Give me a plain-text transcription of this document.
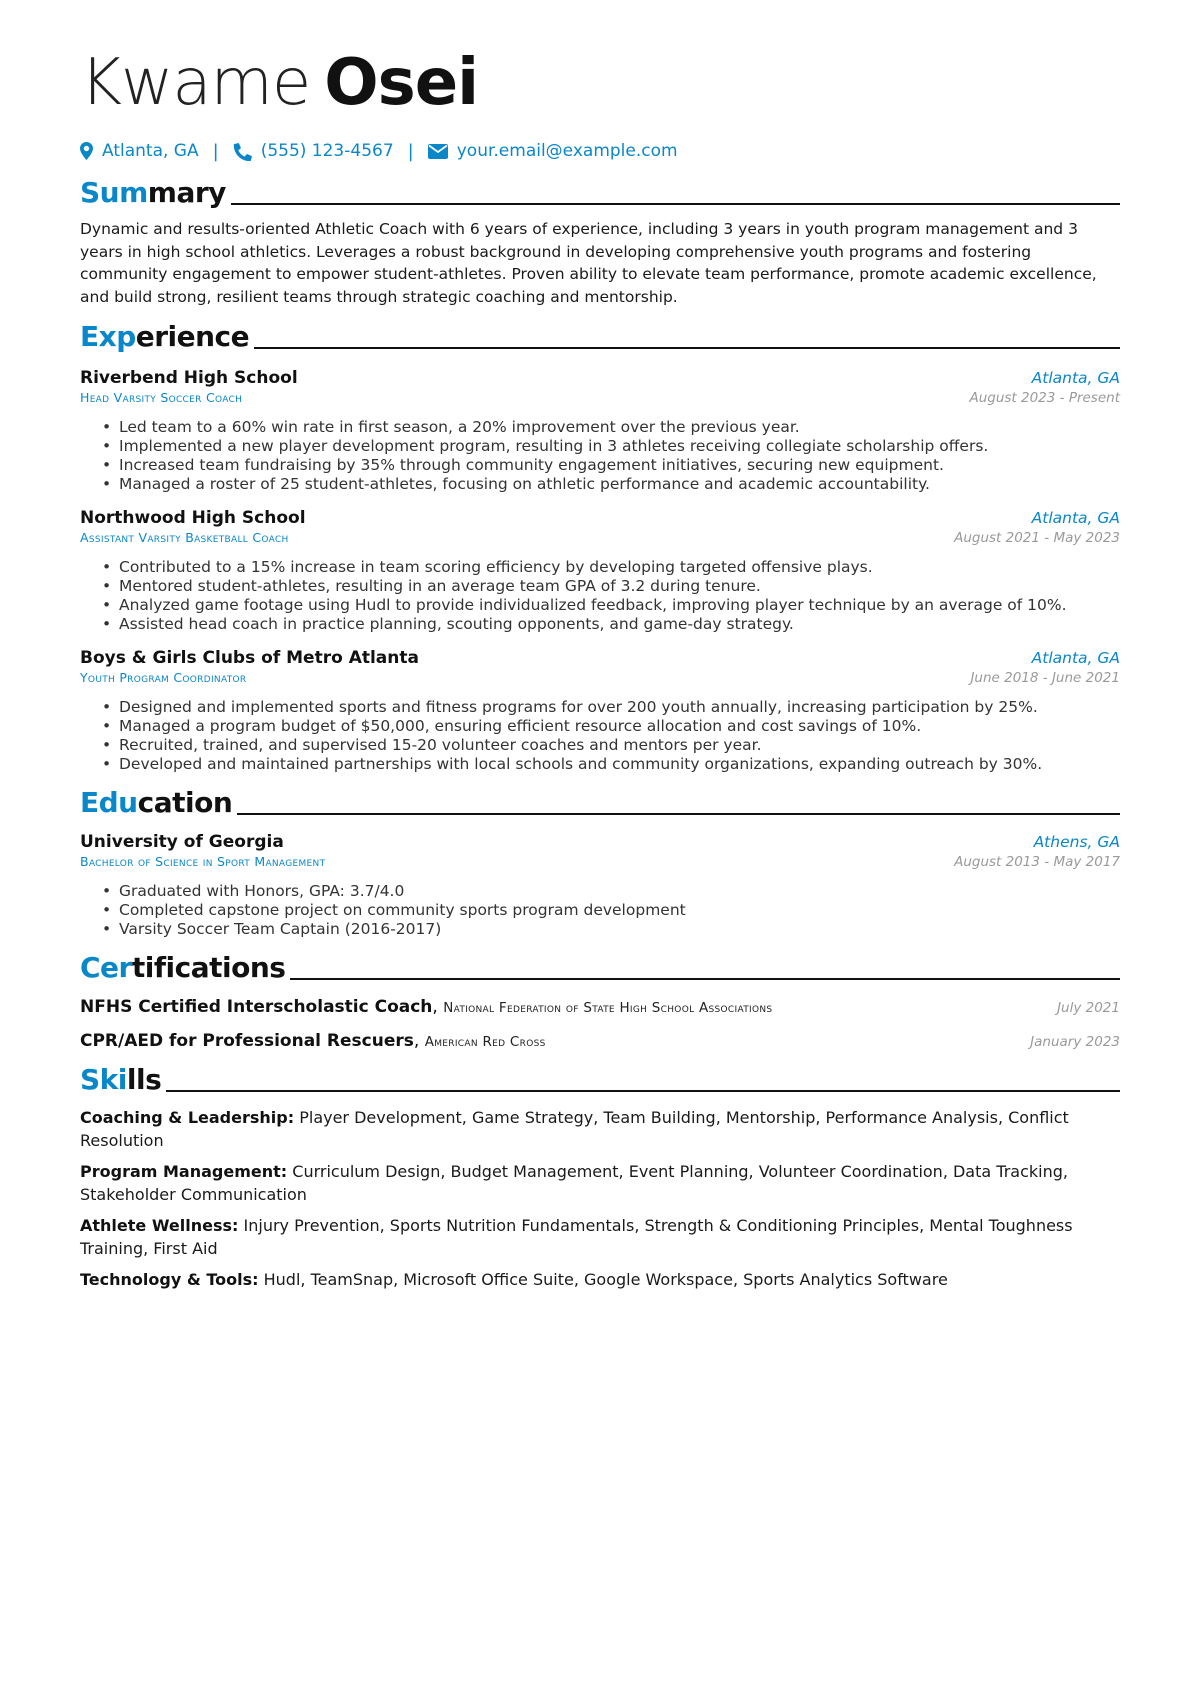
Kwame Osei
Atlanta, GA | (555) 123-4567 |	your.email@example.com
Summary

Dynamic and results-oriented Athletic Coach with 6 years of experience, including 3 years in youth program management and 3 years in high school athletics. Leverages a robust background in developing comprehensive youth programs and fostering community engagement to empower student-athletes. Proven ability to elevate team performance, promote academic excellence, and build strong, resilient teams through strategic coaching and mentorship.

Experience
Riverbend High School	Atlanta, GA
Head Varsity Soccer Coach	August 2023 - Present
• Led team to a 60% win rate in first season, a 20% improvement over the previous year.
• Implemented a new player development program, resulting in 3 athletes receiving collegiate scholarship offers.
• Increased team fundraising by 35% through community engagement initiatives, securing new equipment.
• Managed a roster of 25 student-athletes, focusing on athletic performance and academic accountability.
Northwood High School	Atlanta, GA
Assistant Varsity Basketball Coach	August 2021 - May 2023
• Contributed to a 15% increase in team scoring efficiency by developing targeted offensive plays.
• Mentored student-athletes, resulting in an average team GPA of 3.2 during tenure.
• Analyzed game footage using Hudl to provide individualized feedback, improving player technique by an average of 10%.
• Assisted head coach in practice planning, scouting opponents, and game-day strategy.
Boys & Girls Clubs of Metro Atlanta	Atlanta, GA
Youth Program Coordinator	June 2018 - June 2021
• Designed and implemented sports and fitness programs for over 200 youth annually, increasing participation by 25%.
• Managed a program budget of $50,000, ensuring efficient resource allocation and cost savings of 10%.
• Recruited, trained, and supervised 15-20 volunteer coaches and mentors per year.
• Developed and maintained partnerships with local schools and community organizations, expanding outreach by 30%.
Education
University of Georgia	Athens, GA
Bachelor of Science in Sport Management	August 2013 - May 2017
• Graduated with Honors, GPA: 3.7/4.0
• Completed capstone project on community sports program development
• Varsity Soccer Team Captain (2016-2017)
Certifications
NFHS Certified Interscholastic Coach, National Federation of State High School Associations	July 2021
CPR/AED for Professional Rescuers, American Red Cross	January 2023
Skills

Coaching & Leadership: Player Development, Game Strategy, Team Building, Mentorship, Performance Analysis, Conflict Resolution

Program Management: Curriculum Design, Budget Management, Event Planning, Volunteer Coordination, Data Tracking, Stakeholder Communication

Athlete Wellness: Injury Prevention, Sports Nutrition Fundamentals, Strength & Conditioning Principles, Mental Toughness Training, First Aid

Technology & Tools: Hudl, TeamSnap, Microsoft Office Suite, Google Workspace, Sports Analytics Software
